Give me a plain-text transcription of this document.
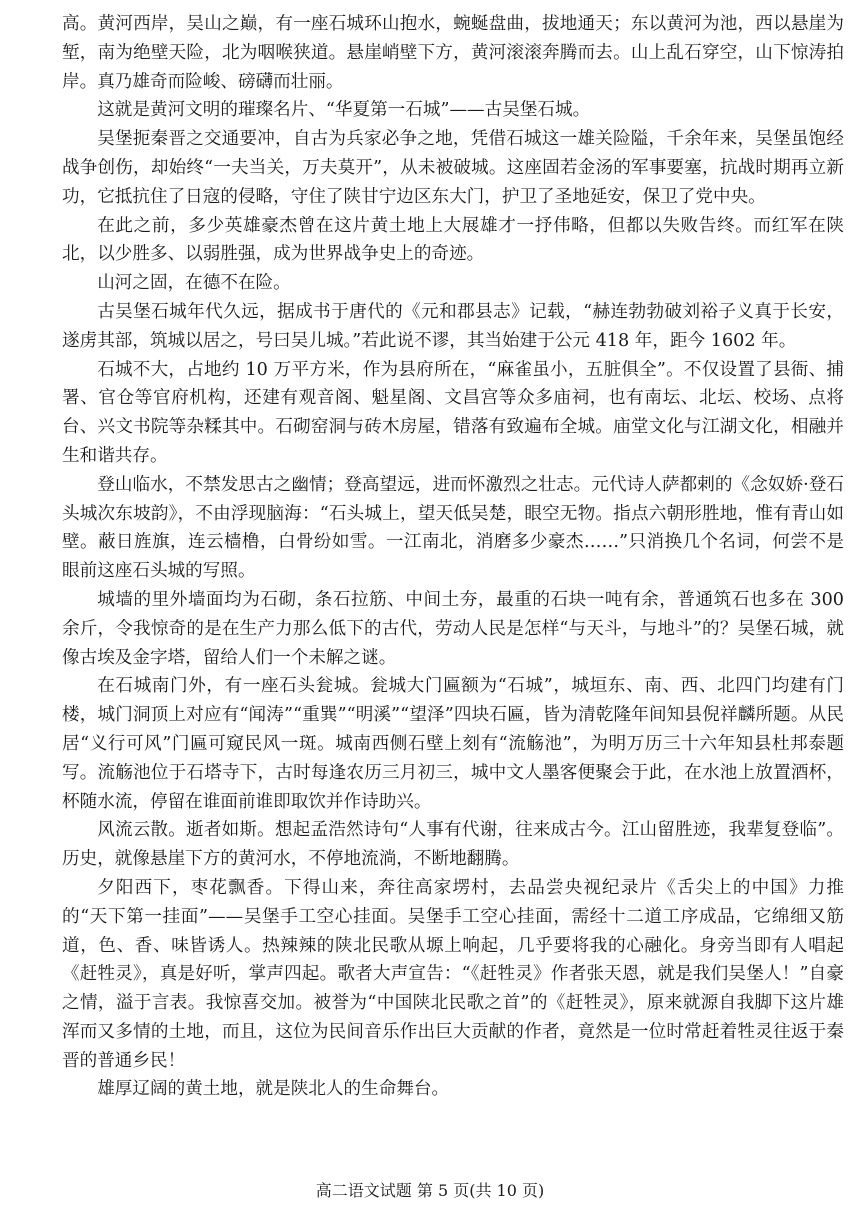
高。黄河西岸，吴山之巅，有一座石城环山抱水，蜿蜒盘曲，拔地通天；东以黄河为池，西以悬崖为堑，南为绝壁天险，北为咽喉狭道。悬崖峭壁下方，黄河滚滚奔腾而去。山上乱石穿空，山下惊涛拍岸。真乃雄奇而险峻、磅礴而壮丽。

这就是黄河文明的璀璨名片、“华夏第一石城”——古吴堡石城。

吴堡扼秦晋之交通要冲，自古为兵家必争之地，凭借石城这一雄关险隘，千余年来，吴堡虽饱经战争创伤，却始终“一夫当关，万夫莫开”，从未被破城。这座固若金汤的军事要塞，抗战时期再立新功，它抵抗住了日寇的侵略，守住了陕甘宁边区东大门，护卫了圣地延安，保卫了党中央。

在此之前，多少英雄豪杰曾在这片黄土地上大展雄才一抒伟略，但都以失败告终。而红军在陕北，以少胜多、以弱胜强，成为世界战争史上的奇迹。

山河之固，在德不在险。

古吴堡石城年代久远，据成书于唐代的《元和郡县志》记载，“赫连勃勃破刘裕子义真于长安，遂虏其部，筑城以居之，号曰吴儿城。”若此说不谬，其当始建于公元 418 年，距今 1602 年。

石城不大，占地约 10 万平方米，作为县府所在，“麻雀虽小，五脏俱全”。不仅设置了县衙、捕署、官仓等官府机构，还建有观音阁、魁星阁、文昌宫等众多庙祠，也有南坛、北坛、校场、点将台、兴文书院等杂糅其中。石砌窑洞与砖木房屋，错落有致遍布全城。庙堂文化与江湖文化，相融并生和谐共存。

登山临水，不禁发思古之幽情；登高望远，进而怀激烈之壮志。元代诗人萨都剌的《念奴娇·登石头城次东坡韵》，不由浮现脑海：“石头城上，望天低吴楚，眼空无物。指点六朝形胜地，惟有青山如壁。蔽日旌旗，连云樯橹，白骨纷如雪。一江南北，消磨多少豪杰……”只消换几个名词，何尝不是眼前这座石头城的写照。

城墙的里外墙面均为石砌，条石拉筋、中间土夯，最重的石块一吨有余，普通筑石也多在 300 余斤，令我惊奇的是在生产力那么低下的古代，劳动人民是怎样“与天斗，与地斗”的？吴堡石城，就像古埃及金字塔，留给人们一个未解之谜。

在石城南门外，有一座石头瓮城。瓮城大门匾额为“石城”，城垣东、南、西、北四门均建有门楼，城门洞顶上对应有“闻涛”“重巽”“明溪”“望泽”四块石匾，皆为清乾隆年间知县倪祥麟所题。从民居“义行可风”门匾可窥民风一斑。城南西侧石壁上刻有“流觞池”，为明万历三十六年知县杜邦泰题写。流觞池位于石塔寺下，古时每逢农历三月初三，城中文人墨客便聚会于此，在水池上放置酒杯，杯随水流，停留在谁面前谁即取饮并作诗助兴。

风流云散。逝者如斯。想起孟浩然诗句“人事有代谢，往来成古今。江山留胜迹，我辈复登临”。历史，就像悬崖下方的黄河水，不停地流淌，不断地翻腾。

夕阳西下，枣花飘香。下得山来，奔往高家塄村，去品尝央视纪录片《舌尖上的中国》力推的“天下第一挂面”——吴堡手工空心挂面。吴堡手工空心挂面，需经十二道工序成品，它绵细又筋道，色、香、味皆诱人。热辣辣的陕北民歌从塬上响起，几乎要将我的心融化。身旁当即有人唱起《赶牲灵》，真是好听，掌声四起。歌者大声宣告：“《赶牲灵》作者张天恩，就是我们吴堡人！”自豪之情，溢于言表。我惊喜交加。被誉为“中国陕北民歌之首”的《赶牲灵》，原来就源自我脚下这片雄浑而又多情的土地，而且，这位为民间音乐作出巨大贡献的作者，竟然是一位时常赶着牲灵往返于秦晋的普通乡民！

雄厚辽阔的黄土地，就是陕北人的生命舞台。

高二语文试题 第 5 页(共 10 页)
